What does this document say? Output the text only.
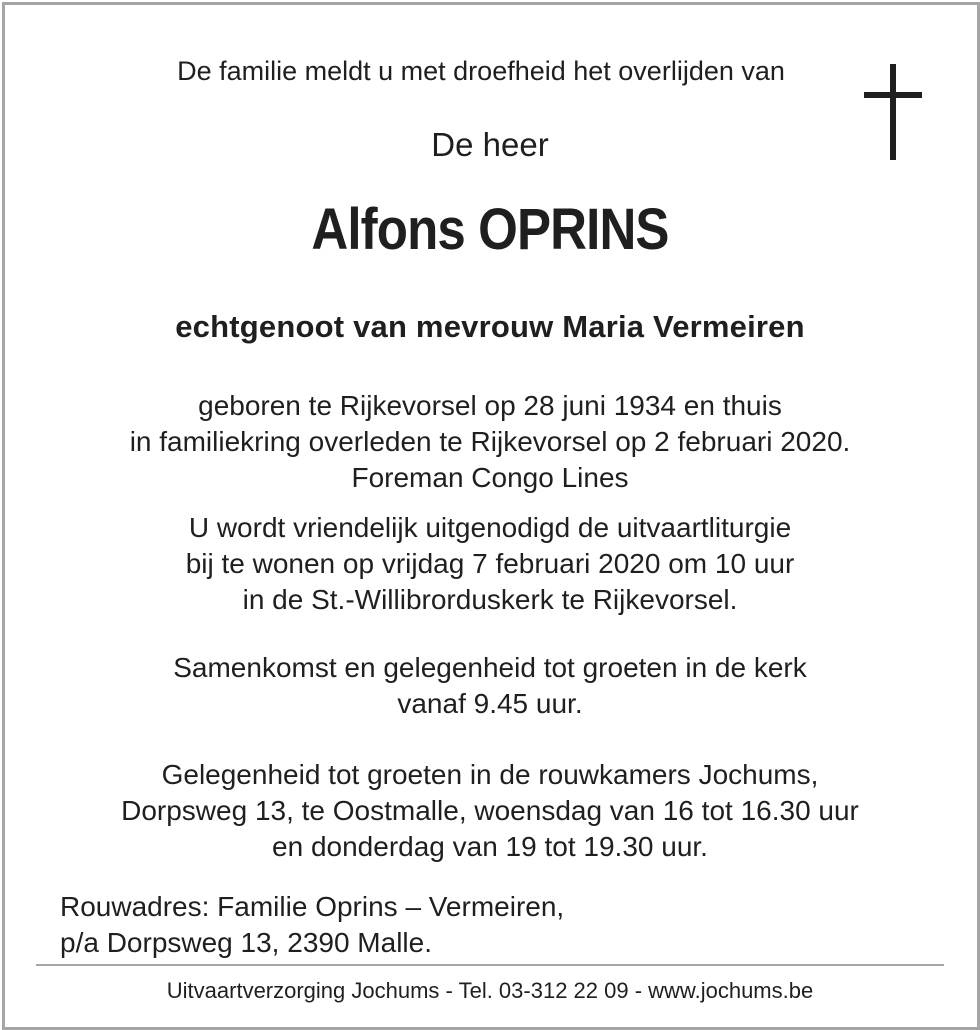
De familie meldt u met droefheid het overlijden van
De heer
Alfons OPRINS
echtgenoot van mevrouw Maria Vermeiren
geboren te Rijkevorsel op 28 juni 1934 en thuis
in familiekring overleden te Rijkevorsel op 2 februari 2020.
Foreman Congo Lines
U wordt vriendelijk uitgenodigd de uitvaartliturgie
bij te wonen op vrijdag 7 februari 2020 om 10 uur
in de St.-Willibrorduskerk te Rijkevorsel.
Samenkomst en gelegenheid tot groeten in de kerk
vanaf 9.45 uur.
Gelegenheid tot groeten in de rouwkamers Jochums,
Dorpsweg 13, te Oostmalle, woensdag van 16 tot 16.30 uur
en donderdag van 19 tot 19.30 uur.
Rouwadres: Familie Oprins – Vermeiren,
p/a Dorpsweg 13, 2390 Malle.
Uitvaartverzorging Jochums - Tel. 03-312 22 09 - www.jochums.be
